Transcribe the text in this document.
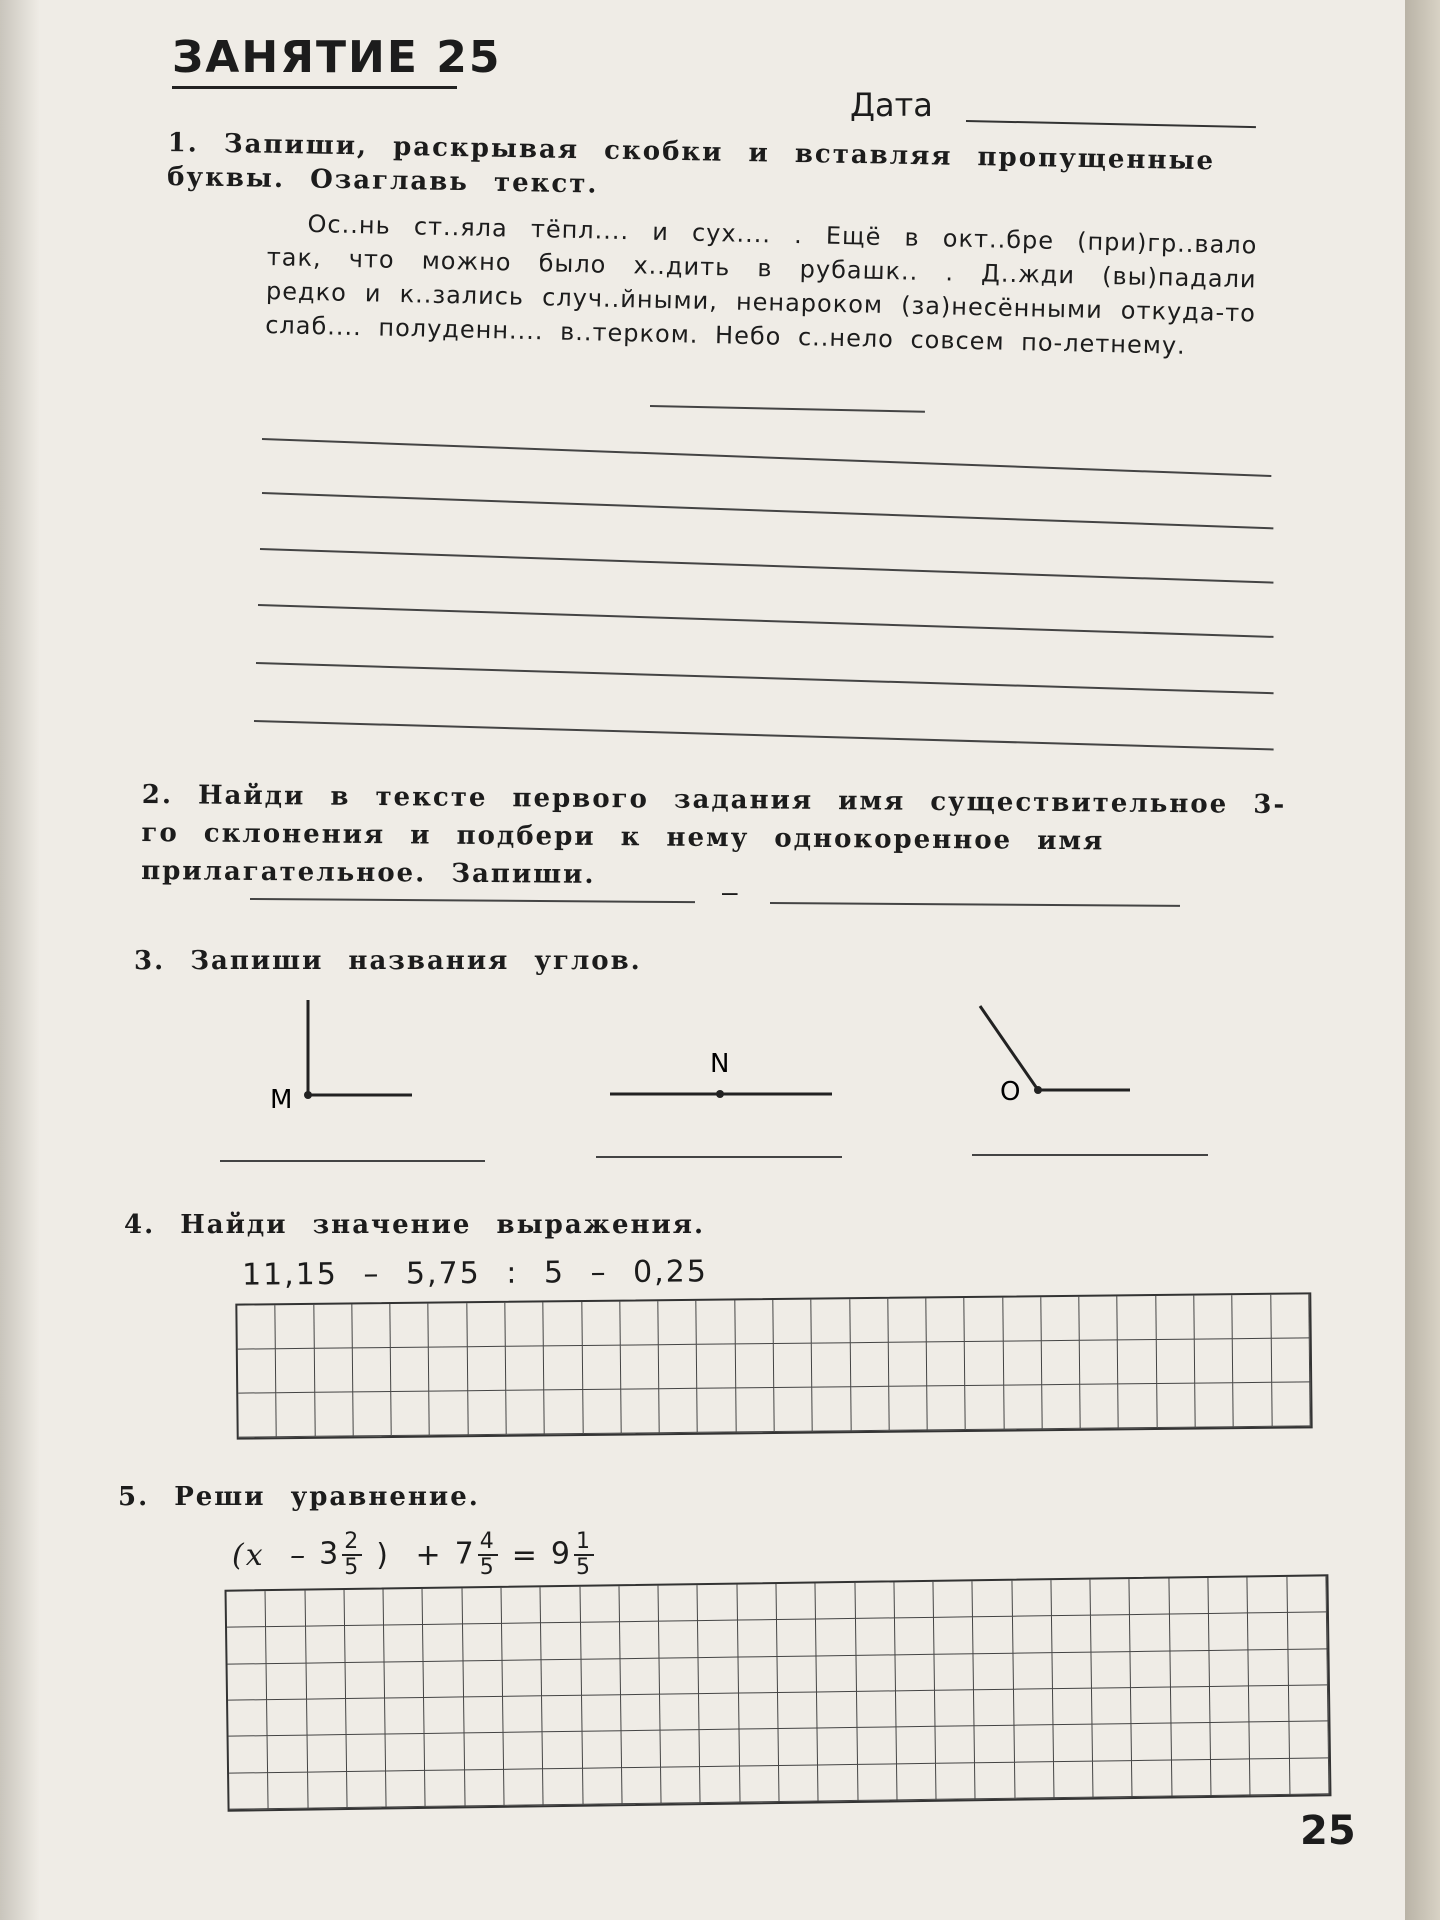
ЗАНЯТИЕ 25
Дата
1. Запиши, раскрывая скобки и вставляя пропущенные буквы. Озаглавь текст.
Ос..нь ст..яла тёпл.... и сух.... . Ещё в окт..бре (при)гр..вало так, что можно было х..дить в рубашк.. . Д..жди (вы)падали редко и к..зались случ..йными, ненароком (за)несёнными откуда-то слаб.... полуденн.... в..терком. Небо с..нело совсем по-летнему.
2. Найди в тексте первого задания имя существительное 3-го склонения и подбери к нему однокоренное имя прилагательное. Запиши.
–
3. Запиши названия углов.
M
N
O
4. Найди значение выражения.
11,15 – 5,75 : 5 – 0,25
5. Реши уравнение.
($x - 3 \frac{2}{5}$ ) + $7 \frac{4}{5} = 9 \frac{1}{5}$
25
